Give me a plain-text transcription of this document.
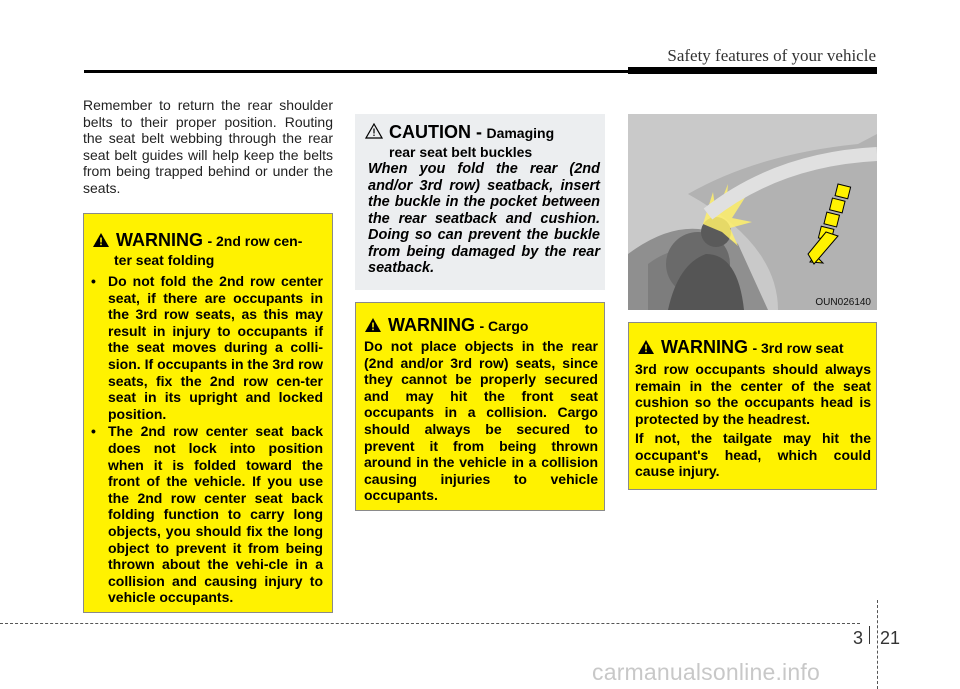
Safety features of your vehicle
Remember to return the rear shoulder belts to their proper position. Routing the seat belt webbing through the rear seat belt guides will help keep the belts from being trapped behind or under the seats.
WARNING
- 2nd row cen-
ter seat folding
• Do not fold the 2nd row center seat, if there are occupants in the 3rd row seats, as this may result in injury to occupants if the seat moves during a colli-sion. If occupants in the 3rd row seats, fix the 2nd row cen-ter seat in its upright and locked position.
• The 2nd row center seat back does not lock into position when it is folded toward the front of the vehicle. If you use the 2nd row center seat back folding function to carry long objects, you should fix the long object to prevent it from being thrown about the vehi-cle in a collision and causing injury to vehicle occupants.
CAUTION - Damaging
rear seat belt buckles
When you fold the rear (2nd and/or 3rd row) seatback, insert the buckle in the pocket between the rear seatback and cushion. Doing so can prevent the buckle from being damaged by the rear seatback.
WARNING
- Cargo
Do not place objects in the rear (2nd and/or 3rd row) seats, since they cannot be properly secured and may hit the front seat occupants in a collision. Cargo should always be secured to prevent it from being thrown around in the vehicle in a collision causing injuries to vehicle occupants.
OUN026140
WARNING
- 3rd row seat
3rd row occupants should always remain in the center of the seat cushion so the occupants head is protected by the headrest.
If not, the tailgate may hit the occupant's head, which could cause injury.
3 21
carmanualsonline.info
